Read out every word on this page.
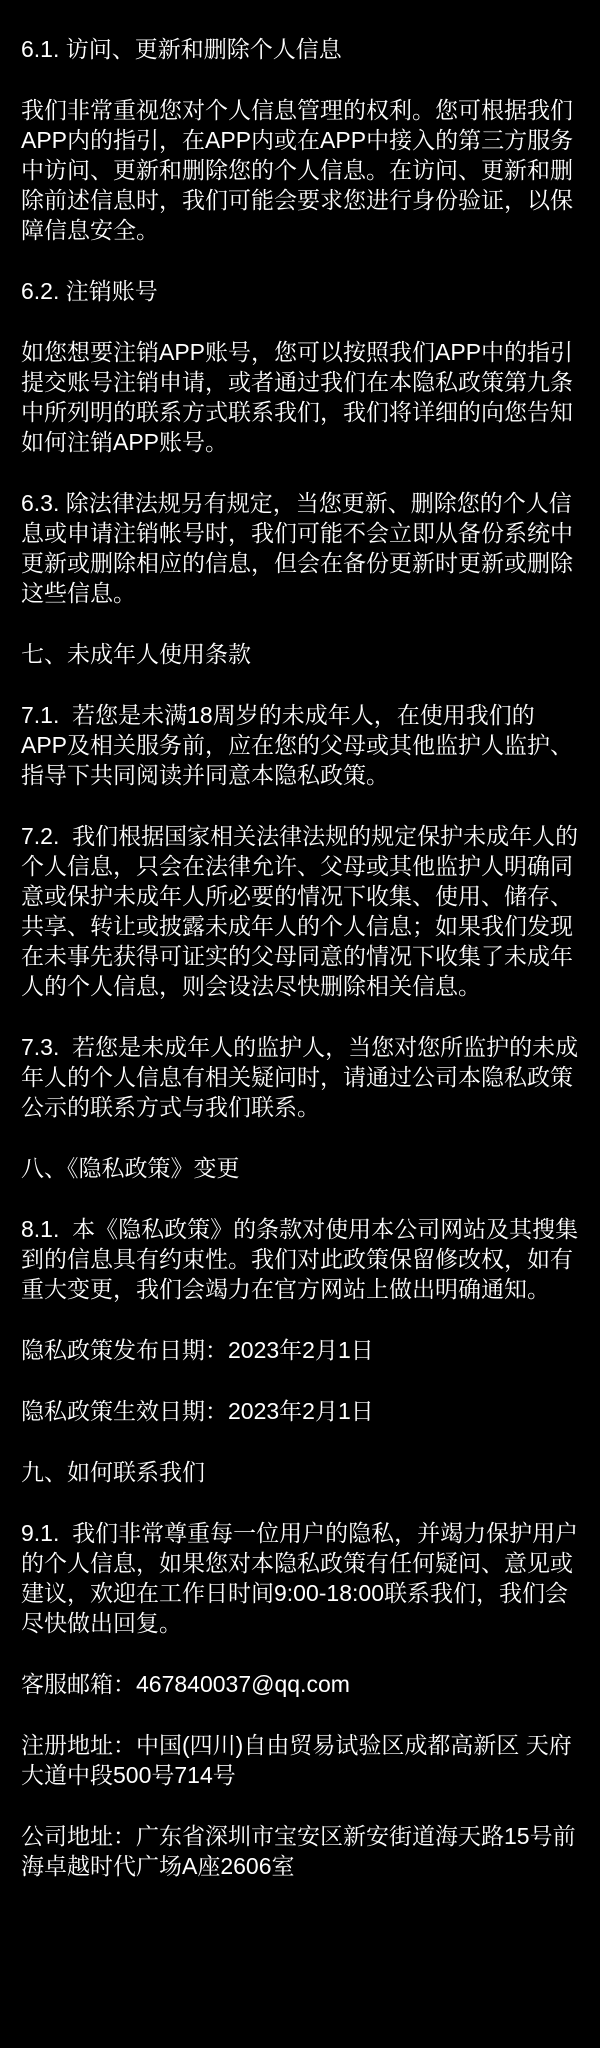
6.1. 访问、更新和删除个人信息

我们非常重视您对个人信息管理的权利。您可根据我们APP内的指引，在APP内或在APP中接入的第三方服务中访问、更新和删除您的个人信息。在访问、更新和删除前述信息时，我们可能会要求您进行身份验证，以保障信息安全。

6.2. 注销账号

如您想要注销APP账号，您可以按照我们APP中的指引提交账号注销申请，或者通过我们在本隐私政策第九条中所列明的联系方式联系我们，我们将详细的向您告知如何注销APP账号。

6.3. 除法律法规另有规定，当您更新、删除您的个人信息或申请注销帐号时，我们可能不会立即从备份系统中更新或删除相应的信息，但会在备份更新时更新或删除这些信息。

七、未成年人使用条款

7.1.  若您是未满18周岁的未成年人，在使用我们的APP及相关服务前，应在您的父母或其他监护人监护、指导下共同阅读并同意本隐私政策。

7.2.  我们根据国家相关法律法规的规定保护未成年人的个人信息，只会在法律允许、父母或其他监护人明确同意或保护未成年人所必要的情况下收集、使用、储存、共享、转让或披露未成年人的个人信息；如果我们发现在未事先获得可证实的父母同意的情况下收集了未成年人的个人信息，则会设法尽快删除相关信息。

7.3.  若您是未成年人的监护人，当您对您所监护的未成年人的个人信息有相关疑问时，请通过公司本隐私政策公示的联系方式与我们联系。

八、《隐私政策》变更

8.1.  本《隐私政策》的条款对使用本公司网站及其搜集到的信息具有约束性。我们对此政策保留修改权，如有重大变更，我们会竭力在官方网站上做出明确通知。

隐私政策发布日期：2023年2月1日

隐私政策生效日期：2023年2月1日

九、如何联系我们

9.1.  我们非常尊重每一位用户的隐私，并竭力保护用户的个人信息，如果您对本隐私政策有任何疑问、意见或建议，欢迎在工作日时间9:00-18:00联系我们，我们会尽快做出回复。

客服邮箱：467840037@qq.com

注册地址：中国(四川)自由贸易试验区成都高新区 天府大道中段500号714号

公司地址：广东省深圳市宝安区新安街道海天路15号前海卓越时代广场A座2606室
